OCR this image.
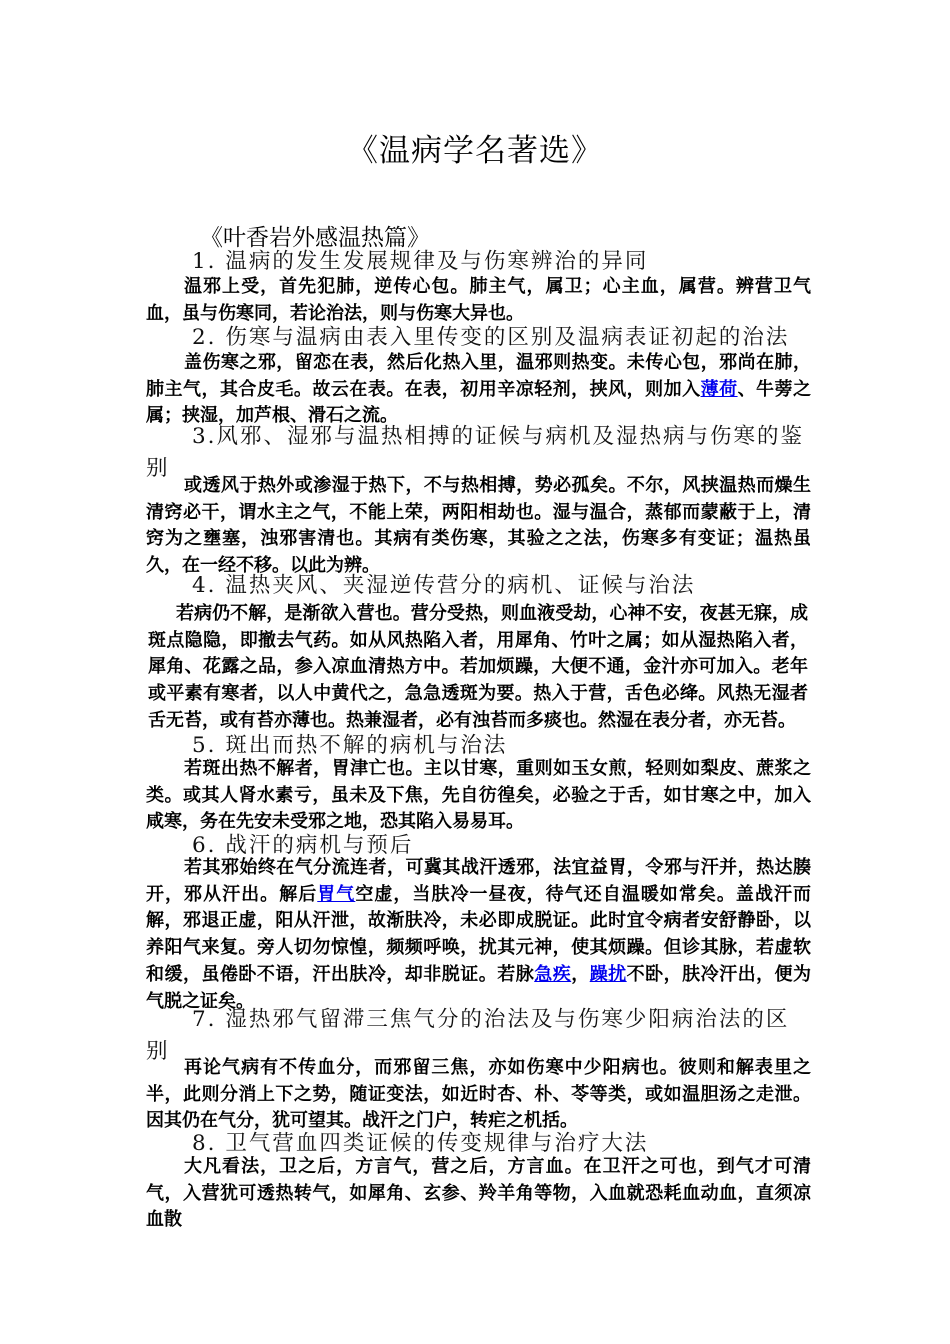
《温病学名著选》
《叶香岩外感温热篇》
1. 温病的发生发展规律及与伤寒辨治的异同
温邪上受，首先犯肺，逆传心包。肺主气，属卫；心主血，属营。辨营卫气血，虽与伤寒同，若论治法，则与伤寒大异也。
2. 伤寒与温病由表入里传变的区别及温病表证初起的治法
盖伤寒之邪，留恋在表，然后化热入里，温邪则热变。未传心包，邪尚在肺，肺主气，其合皮毛。故云在表。在表，初用辛凉轻剂，挟风，则加入薄荷、牛蒡之属；挟湿，加芦根、滑石之流。
3.风邪、湿邪与温热相搏的证候与病机及湿热病与伤寒的鉴别
或透风于热外或渗湿于热下，不与热相搏，势必孤矣。不尔，风挟温热而燥生清窍必干，谓水主之气，不能上荣，两阳相劫也。湿与温合，蒸郁而蒙蔽于上，清窍为之壅塞，浊邪害清也。其病有类伤寒，其验之之法，伤寒多有变证；温热虽久，在一经不移。以此为辨。
4. 温热夹风、夹湿逆传营分的病机、证候与治法
若病仍不解，是渐欲入营也。营分受热，则血液受劫，心神不安，夜甚无寐，成斑点隐隐，即撤去气药。如从风热陷入者，用犀角、竹叶之属；如从湿热陷入者，犀角、花露之品，参入凉血清热方中。若加烦躁，大便不通，金汁亦可加入。老年或平素有寒者，以人中黄代之，急急透斑为要。热入于营，舌色必绛。风热无湿者舌无苔，或有苔亦薄也。热兼湿者，必有浊苔而多痰也。然湿在表分者，亦无苔。
5. 斑出而热不解的病机与治法
若斑出热不解者，胃津亡也。主以甘寒，重则如玉女煎，轻则如梨皮、蔗浆之类。或其人肾水素亏，虽未及下焦，先自彷徨矣，必验之于舌，如甘寒之中，加入咸寒，务在先安未受邪之地，恐其陷入易易耳。
6. 战汗的病机与预后
若其邪始终在气分流连者，可冀其战汗透邪，法宜益胃，令邪与汗并，热达腠开，邪从汗出。解后胃气空虚，当肤冷一昼夜，待气还自温暖如常矣。盖战汗而解，邪退正虚，阳从汗泄，故渐肤冷，未必即成脱证。此时宜令病者安舒静卧，以养阳气来复。旁人切勿惊惶，频频呼唤，扰其元神，使其烦躁。但诊其脉，若虚软和缓，虽倦卧不语，汗出肤冷，却非脱证。若脉急疾，躁扰不卧，肤冷汗出，便为气脱之证矣。
7. 湿热邪气留滞三焦气分的治法及与伤寒少阳病治法的区别
再论气病有不传血分，而邪留三焦，亦如伤寒中少阳病也。彼则和解表里之半，此则分消上下之势，随证变法，如近时杏、朴、苓等类，或如温胆汤之走泄。因其仍在气分，犹可望其。战汗之门户，转疟之机括。
8. 卫气营血四类证候的传变规律与治疗大法
大凡看法，卫之后，方言气，营之后，方言血。在卫汗之可也，到气才可清气，入营犹可透热转气，如犀角、玄参、羚羊角等物，入血就恐耗血动血，直须凉血散
